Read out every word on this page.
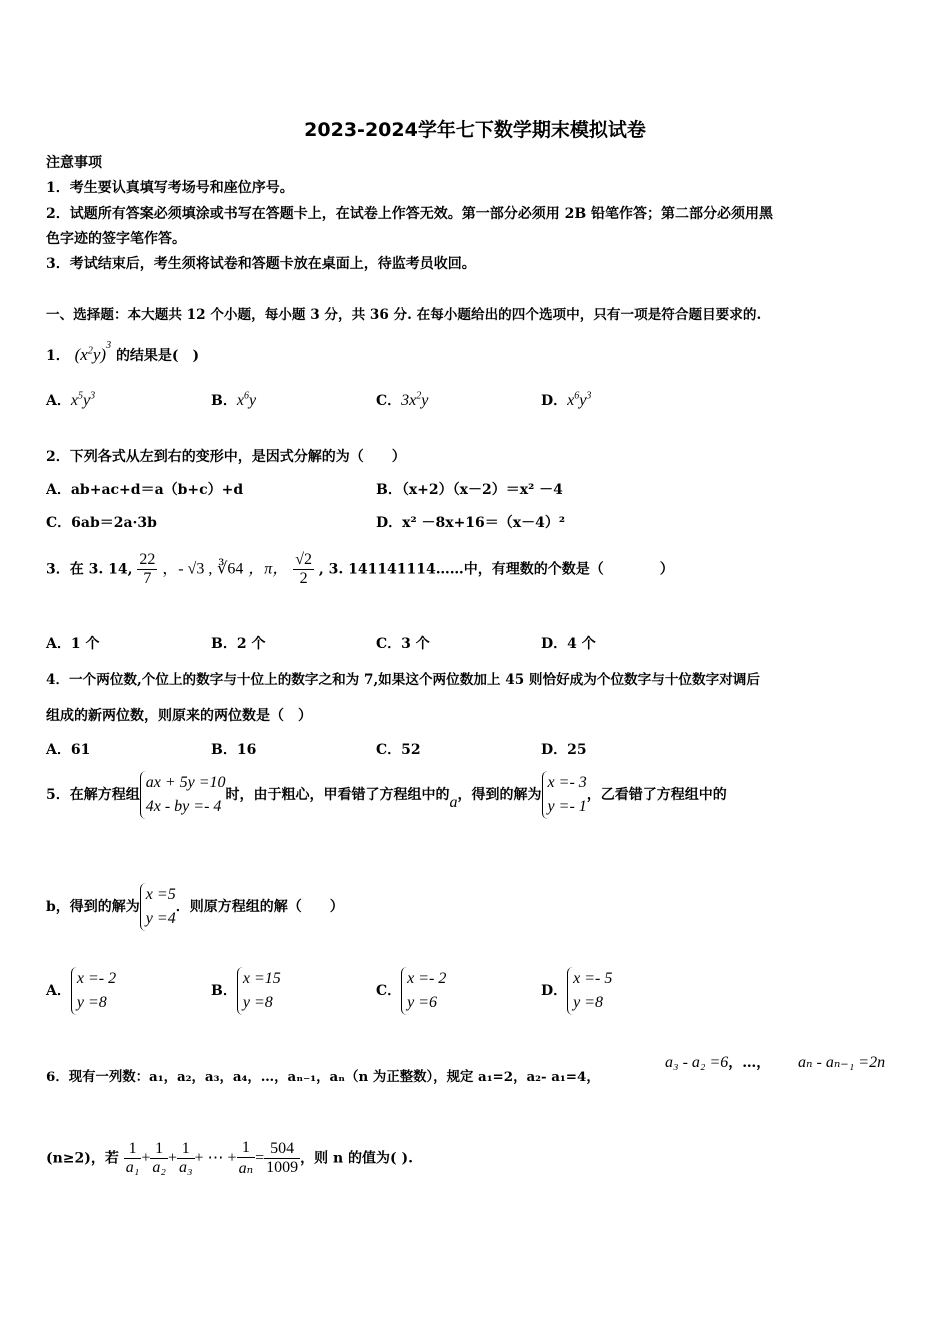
2023-2024学年七下数学期末模拟试卷
注意事项
1．考生要认真填写考场号和座位序号。
2．试题所有答案必须填涂或书写在答题卡上，在试卷上作答无效。第一部分必须用 2B 铅笔作答；第二部分必须用黑
色字迹的签字笔作答。
3．考试结束后，考生须将试卷和答题卡放在桌面上，待监考员收回。
一、选择题：本大题共 12 个小题，每小题 3 分，共 36 分. 在每小题给出的四个选项中，只有一项是符合题目要求的.
1． $(x^2y)^3$ 的结果是(　)
A．$x^5y^3$	B．$x^6y$	C．$3x^2y$	D．$x^6y^3$
2．下列各式从左到右的变形中，是因式分解的为（　　）
A．ab+ac+d＝a（b+c）+d	B．（x+2）（x－2）＝x² －4
C．6ab＝2a·3b	D．x² －8x+16＝（x－4）²
3．在 3. 14, $\frac{22}{7}$ ，- √3 , ∛64 ，π， $\frac{√2}{2}$ , 3. 141141114……中，有理数的个数是（　　　　）
A．1 个	B．2 个	C．3 个	D．4 个
4．一个两位数,个位上的数字与十位上的数字之和为 7,如果这个两位数加上 45 则恰好成为个位数字与十位数字对调后
组成的新两位数，则原来的两位数是（　）
A．61	B．16	C．52	D．25
5．在解方程组
ax + 5y =10
4x - by =- 4
时，由于粗心，甲看错了方程组中的a，得到的解为
x =- 3
y =- 1
，乙看错了方程组中的
b，得到的解为
x =5
y =4
．则原方程组的解（　　）
A．
x =- 2
y =8
B．
x =15
y =8
C．
x =- 2
y =6
D．
x =- 5
y =8
6．现有一列数：a₁，a₂，a₃，a₄，…，aₙ₋₁，aₙ（n 为正整数），规定 a₁=2，a₂- a₁=4，
a₃ - a₂ =6，…， aₙ - aₙ₋₁ =2n
(n≥2)，若 $\frac{1}{\text{a₁}} + \frac{1}{\text{a₂}} + \frac{1}{\text{a₃}}$ + ⋯ + $\frac{1}{\text{aₙ}} = \frac{504}{1009}$ ，则 n 的值为( ).
